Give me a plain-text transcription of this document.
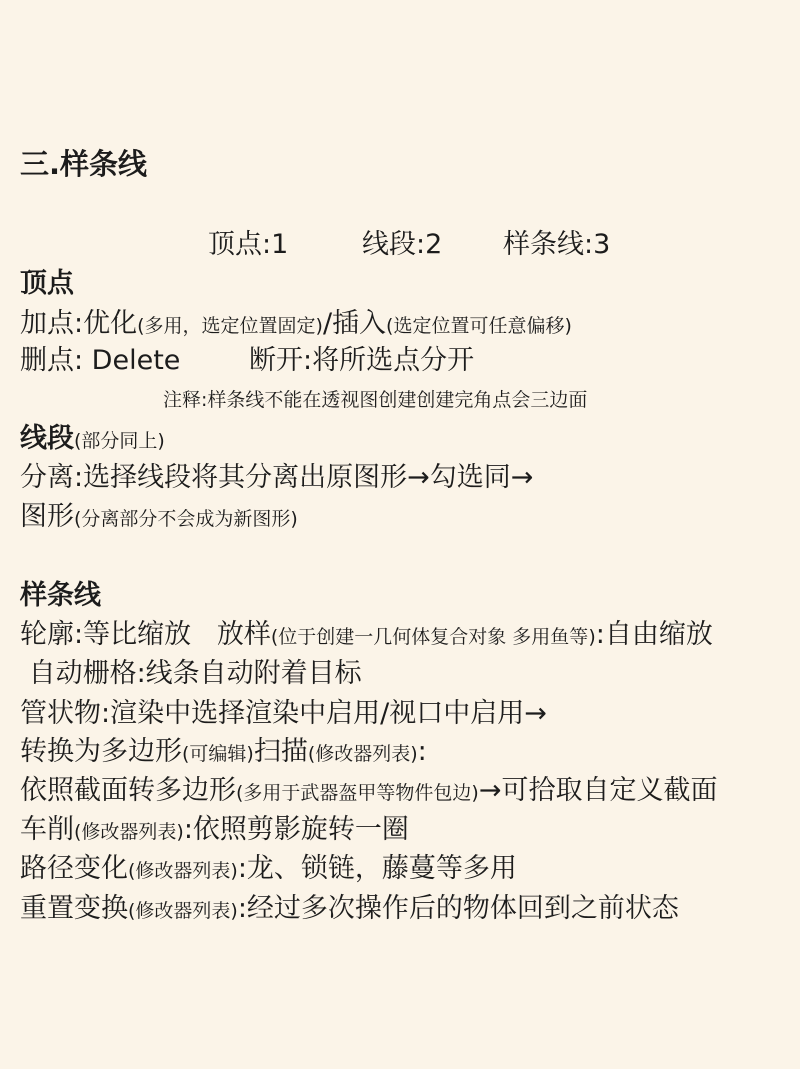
三.样条线
顶点:1	线段:2 样条线:3
顶点
加点:优化(多用，选定位置固定)/插入(选定位置可任意偏移)
删点: Delete        断开:将所选点分开
注释:样条线不能在透视图创建创建完角点会三边面
线段(部分同上)
分离:选择线段将其分离出原图形→勾选同→
图形(分离部分不会成为新图形)
样条线
轮廓:等比缩放   放样(位于创建一几何体复合对象 多用鱼等):自由缩放
自动栅格:线条自动附着目标
管状物:渲染中选择渲染中启用/视口中启用→
转换为多边形(可编辑)扫描(修改器列表):
依照截面转多边形(多用于武器盔甲等物件包边)→可拾取自定义截面
车削(修改器列表):依照剪影旋转一圈
路径变化(修改器列表):龙、锁链，藤蔓等多用
重置变换(修改器列表):经过多次操作后的物体回到之前状态
